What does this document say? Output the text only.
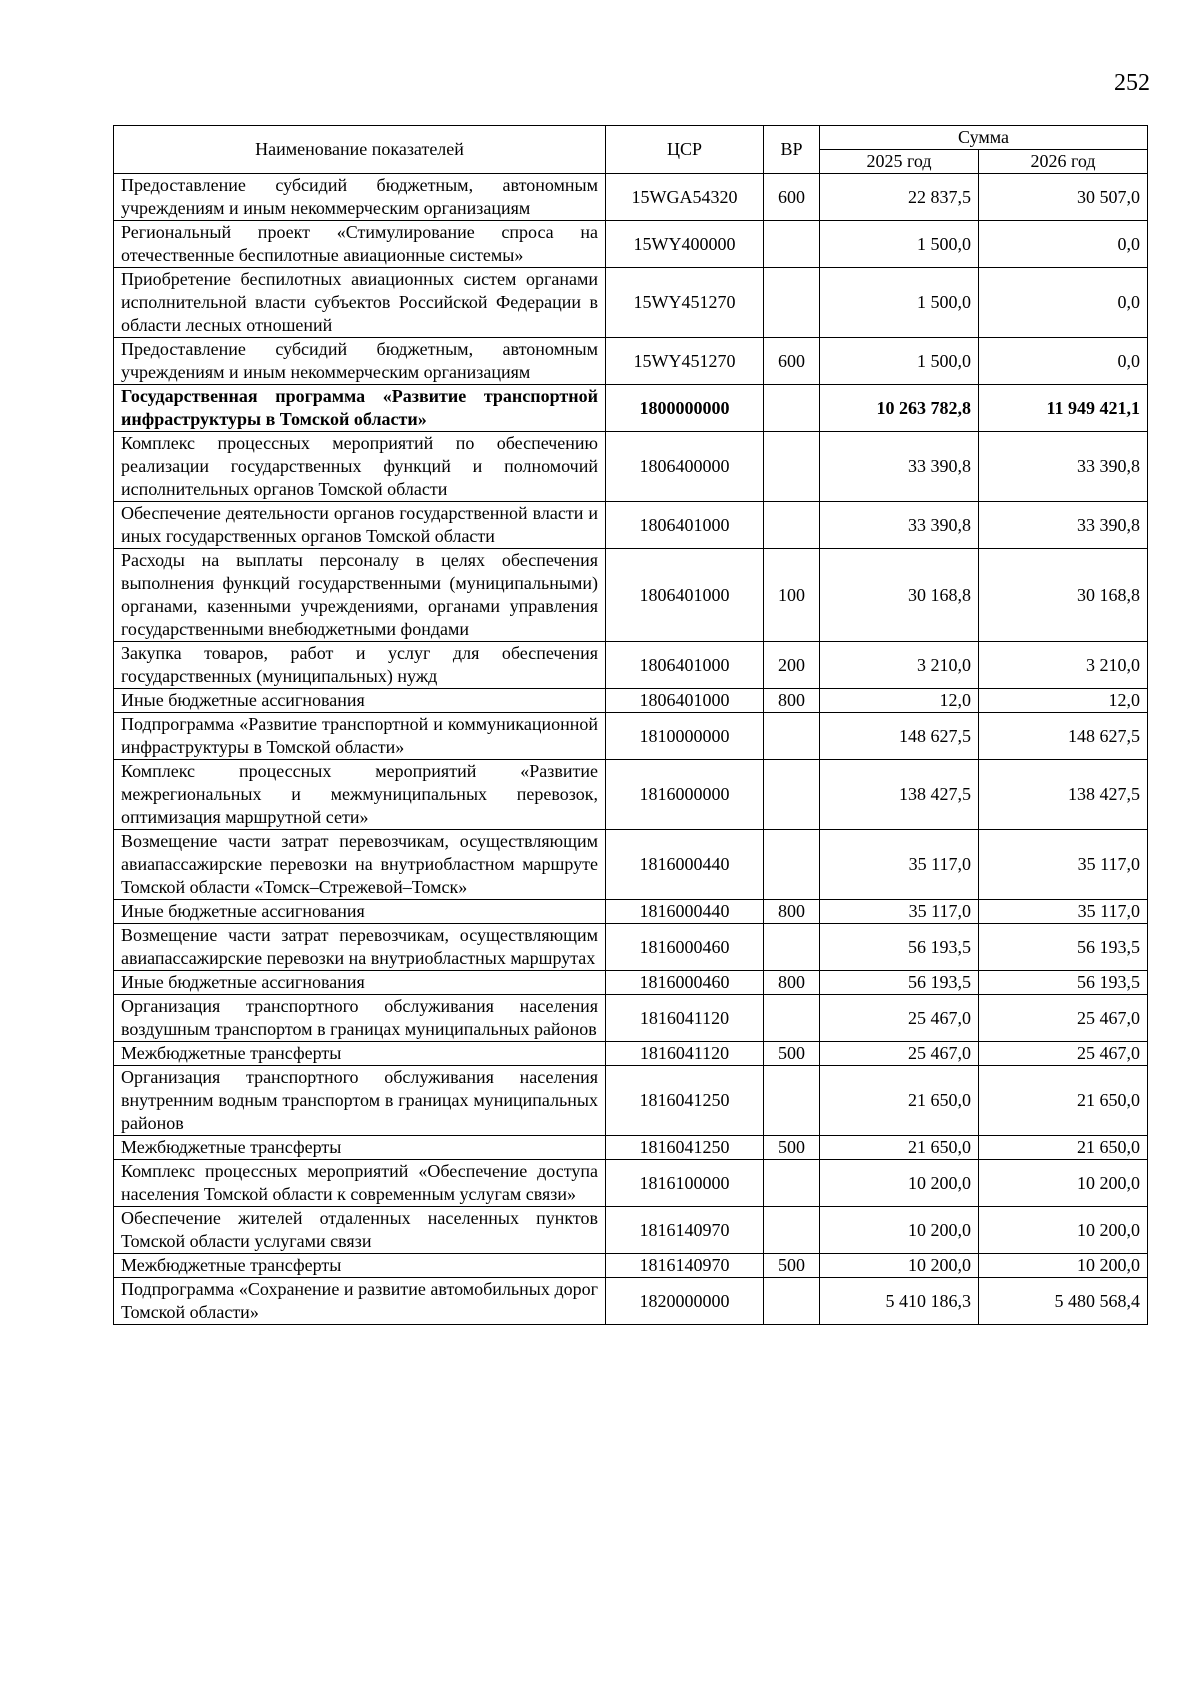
252
Наименование показателей	ЦСР	ВР	Сумма	
			2025 год	2026 год
Предоставление субсидий бюджетным, автономным учреждениям и иным некоммерческим организациям	15WGA54320	600	22 837,5	30 507,0
Региональный проект «Стимулирование спроса на отечественные беспилотные авиационные системы»	15WY400000		1 500,0	0,0
Приобретение беспилотных авиационных систем органами исполнительной власти субъектов Российской Федерации в области лесных отношений	15WY451270		1 500,0	0,0
Предоставление субсидий бюджетным, автономным учреждениям и иным некоммерческим организациям	15WY451270	600	1 500,0	0,0
Государственная программа «Развитие транспортной инфраструктуры в Томской области»	1800000000		10 263 782,8	11 949 421,1
Комплекс процессных мероприятий по обеспечению реализации государственных функций и полномочий исполнительных органов Томской области	1806400000		33 390,8	33 390,8
Обеспечение деятельности органов государственной власти и иных государственных органов Томской области	1806401000		33 390,8	33 390,8
Расходы на выплаты персоналу в целях обеспечения выполнения функций государственными (муниципальными) органами, казенными учреждениями, органами управления государственными внебюджетными фондами	1806401000	100	30 168,8	30 168,8
Закупка товаров, работ и услуг для обеспечения государственных (муниципальных) нужд	1806401000	200	3 210,0	3 210,0
Иные бюджетные ассигнования	1806401000	800	12,0	12,0
Подпрограмма «Развитие транспортной и коммуникационной инфраструктуры в Томской области»	1810000000		148 627,5	148 627,5
Комплекс процессных мероприятий «Развитие межрегиональных и межмуниципальных перевозок, оптимизация маршрутной сети»	1816000000		138 427,5	138 427,5
Возмещение части затрат перевозчикам, осуществляющим авиапассажирские перевозки на внутриобластном маршруте Томской области «Томск–Стрежевой–Томск»	1816000440		35 117,0	35 117,0
Иные бюджетные ассигнования	1816000440	800	35 117,0	35 117,0
Возмещение части затрат перевозчикам, осуществляющим авиапассажирские перевозки на внутриобластных маршрутах	1816000460		56 193,5	56 193,5
Иные бюджетные ассигнования	1816000460	800	56 193,5	56 193,5
Организация транспортного обслуживания населения воздушным транспортом в границах муниципальных районов	1816041120		25 467,0	25 467,0
Межбюджетные трансферты	1816041120	500	25 467,0	25 467,0
Организация транспортного обслуживания населения внутренним водным транспортом в границах муниципальных районов	1816041250		21 650,0	21 650,0
Межбюджетные трансферты	1816041250	500	21 650,0	21 650,0
Комплекс процессных мероприятий «Обеспечение доступа населения Томской области к современным услугам связи»	1816100000		10 200,0	10 200,0
Обеспечение жителей отдаленных населенных пунктов Томской области услугами связи	1816140970		10 200,0	10 200,0
Межбюджетные трансферты	1816140970	500	10 200,0	10 200,0
Подпрограмма «Сохранение и развитие автомобильных дорог Томской области»	1820000000		5 410 186,3	5 480 568,4
